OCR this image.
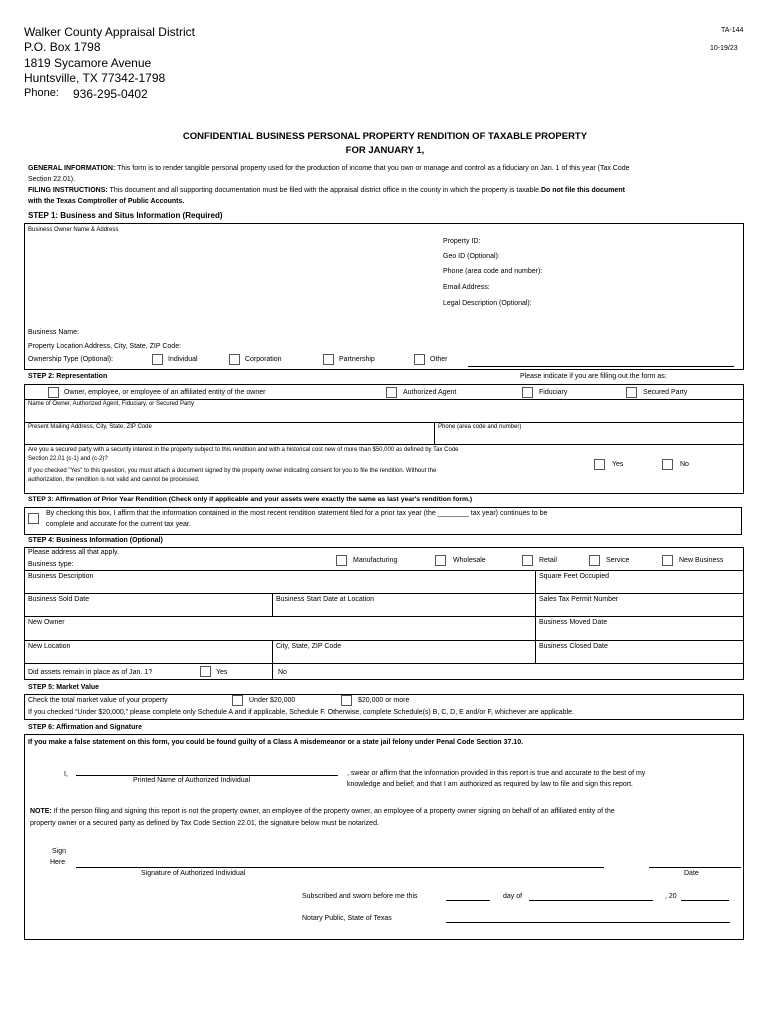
Walker County Appraisal District
P.O. Box 1798
1819 Sycamore Avenue
Huntsville, TX 77342-1798
Phone: 936-295-0402
TA-144
10-19/23
CONFIDENTIAL BUSINESS PERSONAL PROPERTY RENDITION OF TAXABLE PROPERTY
FOR JANUARY 1,
GENERAL INFORMATION: This form is to render tangible personal property used for the production of income that you own or manage and control as a fiduciary on Jan. 1 of this year (Tax Code
Section 22.01).
FILING INSTRUCTIONS: This document and all supporting documentation must be filed with the appraisal district office in the county in which the property is taxable.Do not file this document
with the Texas Comptroller of Public Accounts.
STEP 1: Business and Situs Information (Required)
Business Owner Name & Address
Property ID:
Geo ID (Optional):
Phone (area code and number):
Email Address:
Legal Description (Optional):
Business Name:
Property Location Address, City, State, ZIP Code:
Ownership Type (Optional):	Individual	Corporation	Partnership	Other
STEP 2: Representation	Please indicate if you are filling out the form as:
Owner, employee, or employee of an affiliated entity of the owner	Authorized Agent	Fiduciary	Secured Party
Name of Owner, Authorized Agent, Fiduciary, or Secured Party
Present Mailing Address, City, State, ZIP Code	Phone (area code and number)
Are you a secured party with a security interest in the property subject to this rendition and with a historical cost new of more than $50,000 as defined by Tax Code
Section 22.01 (c-1) and (c-2)?
If you checked "Yes" to this question, you must attach a document signed by the property owner indicating consent for you to file the rendition. Without the
authorization, the rendition is not valid and cannot be processed.
Yes	No
STEP 3: Affirmation of Prior Year Rendition (Check only if applicable and your assets were exactly the same as last year's rendition form.)
By checking this box, I affirm that the information contained in the most recent rendition statement filed for a prior tax year (the ________ tax year) continues to be
complete and accurate for the current tax year.
STEP 4: Business Information (Optional)
Please address all that apply.
Business type:
Manufacturing	Wholesale	Retail	Service	New Business
Business Description	Square Feet Occupied
Business Sold Date	Business Start Date at Location	Sales Tax Permit Number
New Owner	Business Moved Date
New Location	City, State, ZIP Code	Business Closed Date
Did assets remain in place as of Jan. 1?	Yes	No
STEP 5: Market Value
Check the total market value of your property	Under $20,000	$20,000 or more
If you checked “Under $20,000,” please complete only Schedule A and if applicable, Schedule F. Otherwise, complete Schedule(s) B, C, D, E and/or F, whichever are applicable.
STEP 6: Affirmation and Signature
If you make a false statement on this form, you could be found guilty of a Class A misdemeanor or a state jail felony under Penal Code Section 37.10.
I,
Printed Name of Authorized Individual
, swear or affirm that the information provided in this report is true and accurate to the best of my
knowledge and belief; and that I am authorized as required by law to file and sign this report.
NOTE: If the person filing and signing this report is not the property owner, an employee of the property owner, an employee of a property owner signing on behalf of an affiliated entity of the
property owner or a secured party as defined by Tax Code Section 22.01, the signature below must be notarized.
Sign
Here
Signature of Authorized Individual	Date
Subscribed and sworn before me this	day of	, 20
Notary Public, State of Texas
